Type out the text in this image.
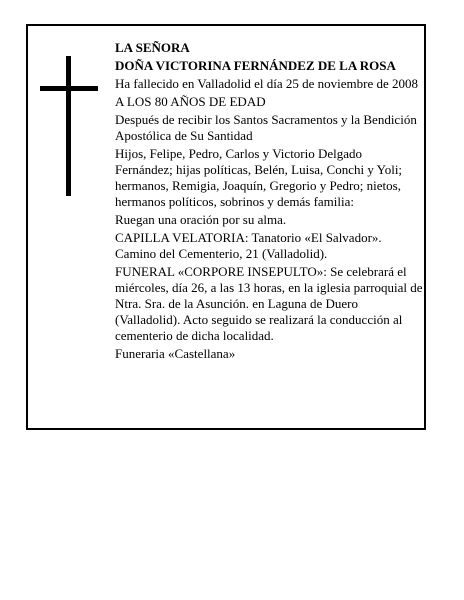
LA SEÑORA

DOÑA VICTORINA FERNÁNDEZ DE LA ROSA

Ha fallecido en Valladolid el día 25 de noviembre de 2008

A LOS 80 AÑOS DE EDAD

Después de recibir los Santos Sacramentos y la Bendición Apostólica de Su Santidad

Hijos, Felipe, Pedro, Carlos y Victorio Delgado Fernández; hijas políticas, Belén, Luisa, Conchi y Yoli; hermanos, Remigia, Joaquín, Gregorio y Pedro; nietos, hermanos políticos, sobrinos y demás familia:

Ruegan una oración por su alma.

CAPILLA VELATORIA: Tanatorio «El Salvador». Camino del Cementerio, 21 (Valladolid).

FUNERAL «CORPORE INSEPULTO»: Se celebrará el miércoles, día 26, a las 13 horas, en la iglesia parroquial de Ntra. Sra. de la Asunción. en Laguna de Duero (Valladolid). Acto seguido se realizará la conducción al cementerio de dicha localidad.

Funeraria «Castellana»
